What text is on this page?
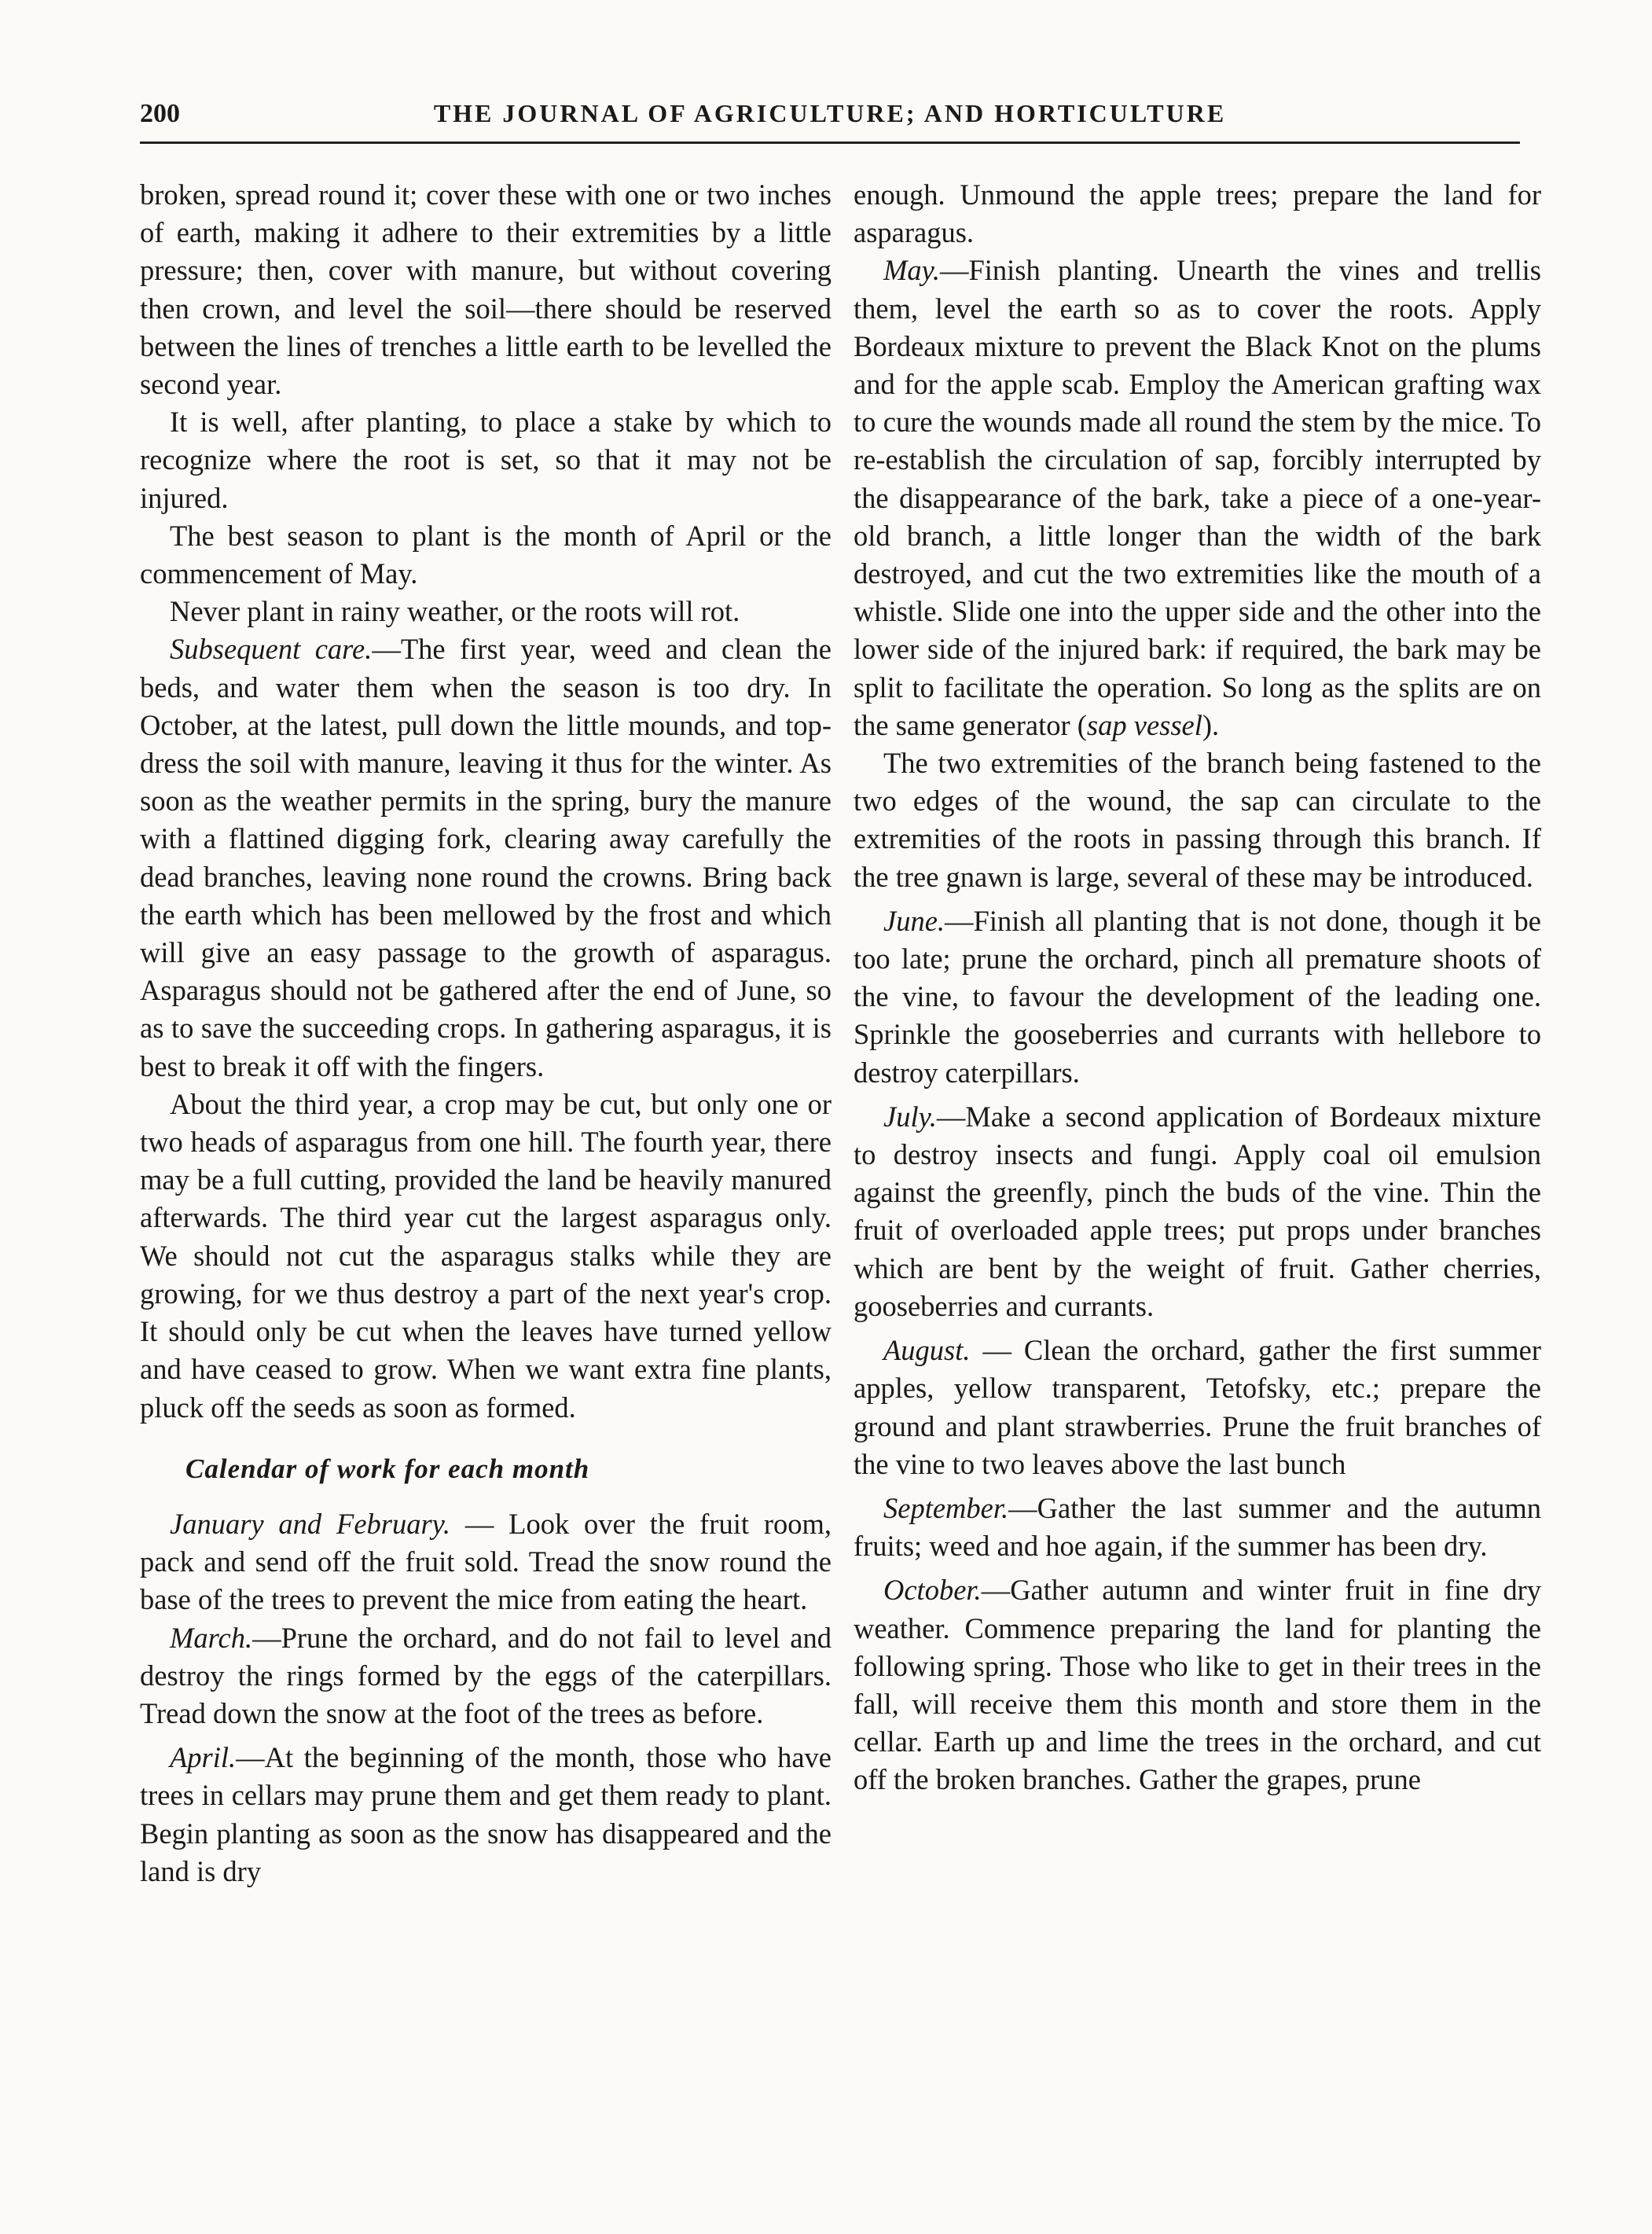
200	THE JOURNAL OF AGRICULTURE; AND HORTICULTURE

broken, spread round it; cover these with one or two inches of earth, making it adhere to their extremities by a little pressure; then, cover with manure, but without covering then crown, and level the soil—there should be reserved between the lines of trenches a little earth to be levelled the second year.

It is well, after planting, to place a stake by which to recognize where the root is set, so that it may not be injured.

The best season to plant is the month of April or the commencement of May.

Never plant in rainy weather, or the roots will rot.

Subsequent care.—The first year, weed and clean the beds, and water them when the season is too dry. In October, at the latest, pull down the little mounds, and top-dress the soil with manure, leaving it thus for the winter. As soon as the weather permits in the spring, bury the manure with a flattined digging fork, clearing away carefully the dead branches, leaving none round the crowns. Bring back the earth which has been mellowed by the frost and which will give an easy passage to the growth of asparagus. Asparagus should not be gathered after the end of June, so as to save the succeeding crops. In gathering asparagus, it is best to break it off with the fingers.

About the third year, a crop may be cut, but only one or two heads of asparagus from one hill. The fourth year, there may be a full cutting, provided the land be heavily manured afterwards. The third year cut the largest asparagus only. We should not cut the asparagus stalks while they are growing, for we thus destroy a part of the next year's crop. It should only be cut when the leaves have turned yellow and have ceased to grow. When we want extra fine plants, pluck off the seeds as soon as formed.

Calendar of work for each month

January and February. — Look over the fruit room, pack and send off the fruit sold. Tread the snow round the base of the trees to prevent the mice from eating the heart.

March.—Prune the orchard, and do not fail to level and destroy the rings formed by the eggs of the caterpillars. Tread down the snow at the foot of the trees as before.

April.—At the beginning of the month, those who have trees in cellars may prune them and get them ready to plant. Begin planting as soon as the snow has disappeared and the land is dry

enough. Unmound the apple trees; prepare the land for asparagus.

May.—Finish planting. Unearth the vines and trellis them, level the earth so as to cover the roots. Apply Bordeaux mixture to prevent the Black Knot on the plums and for the apple scab. Employ the American grafting wax to cure the wounds made all round the stem by the mice. To re-establish the circulation of sap, forcibly interrupted by the disappearance of the bark, take a piece of a one-year-old branch, a little longer than the width of the bark destroyed, and cut the two extremities like the mouth of a whistle. Slide one into the upper side and the other into the lower side of the injured bark: if required, the bark may be split to facilitate the operation. So long as the splits are on the same generator (sap vessel).

The two extremities of the branch being fastened to the two edges of the wound, the sap can circulate to the extremities of the roots in passing through this branch. If the tree gnawn is large, several of these may be introduced.

June.—Finish all planting that is not done, though it be too late; prune the orchard, pinch all premature shoots of the vine, to favour the development of the leading one. Sprinkle the gooseberries and currants with hellebore to destroy caterpillars.

July.—Make a second application of Bordeaux mixture to destroy insects and fungi. Apply coal oil emulsion against the greenfly, pinch the buds of the vine. Thin the fruit of overloaded apple trees; put props under branches which are bent by the weight of fruit. Gather cherries, gooseberries and currants.

August. — Clean the orchard, gather the first summer apples, yellow transparent, Tetofsky, etc.; prepare the ground and plant strawberries. Prune the fruit branches of the vine to two leaves above the last bunch

September.—Gather the last summer and the autumn fruits; weed and hoe again, if the summer has been dry.

October.—Gather autumn and winter fruit in fine dry weather. Commence preparing the land for planting the following spring. Those who like to get in their trees in the fall, will receive them this month and store them in the cellar. Earth up and lime the trees in the orchard, and cut off the broken branches. Gather the grapes, prune
